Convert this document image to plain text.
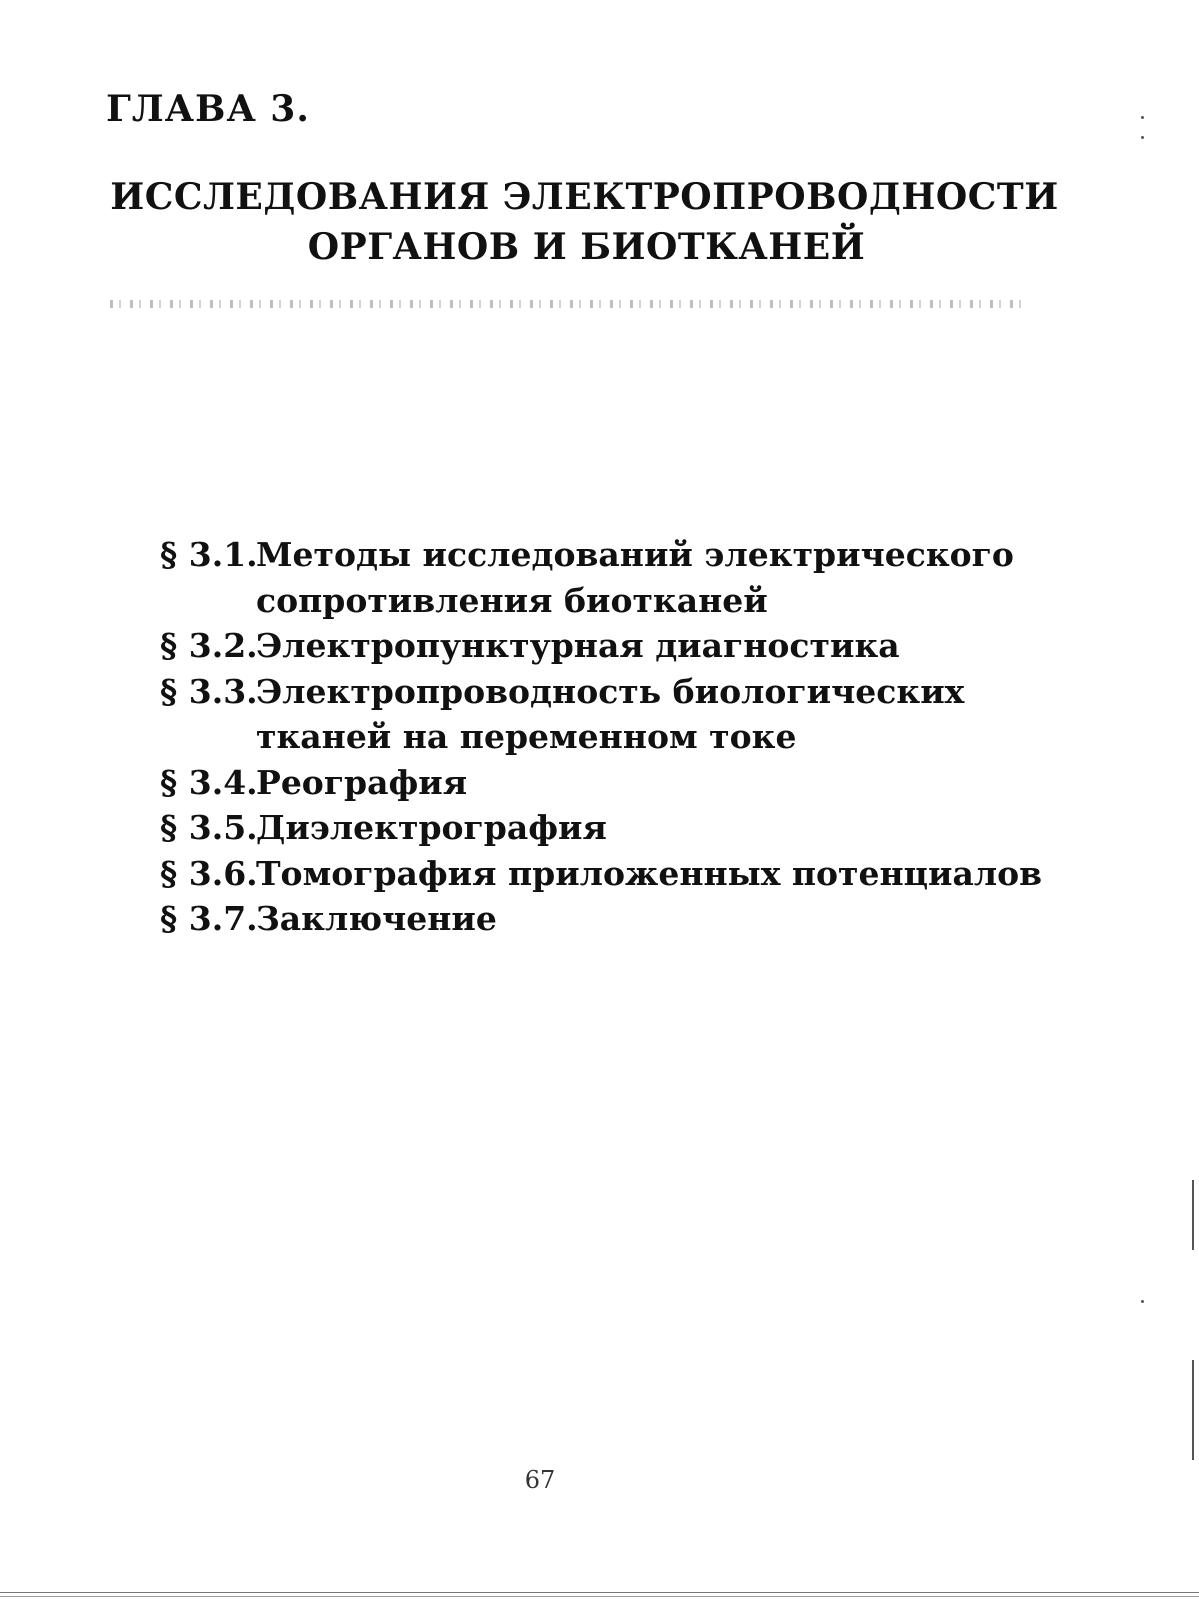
ГЛАВА 3.
ИССЛЕДОВАНИЯ ЭЛЕКТРОПРОВОДНОСТИ
ОРГАНОВ И БИОТКАНЕЙ
§ 3.1.
Методы исследований электрического
сопротивления биотканей
§ 3.2.
Электропунктурная диагностика
§ 3.3.
Электропроводность биологических
тканей на переменном токе
§ 3.4.
Реография
§ 3.5.
Диэлектрография
§ 3.6.
Томография приложенных потенциалов
§ 3.7.
Заключение
67
